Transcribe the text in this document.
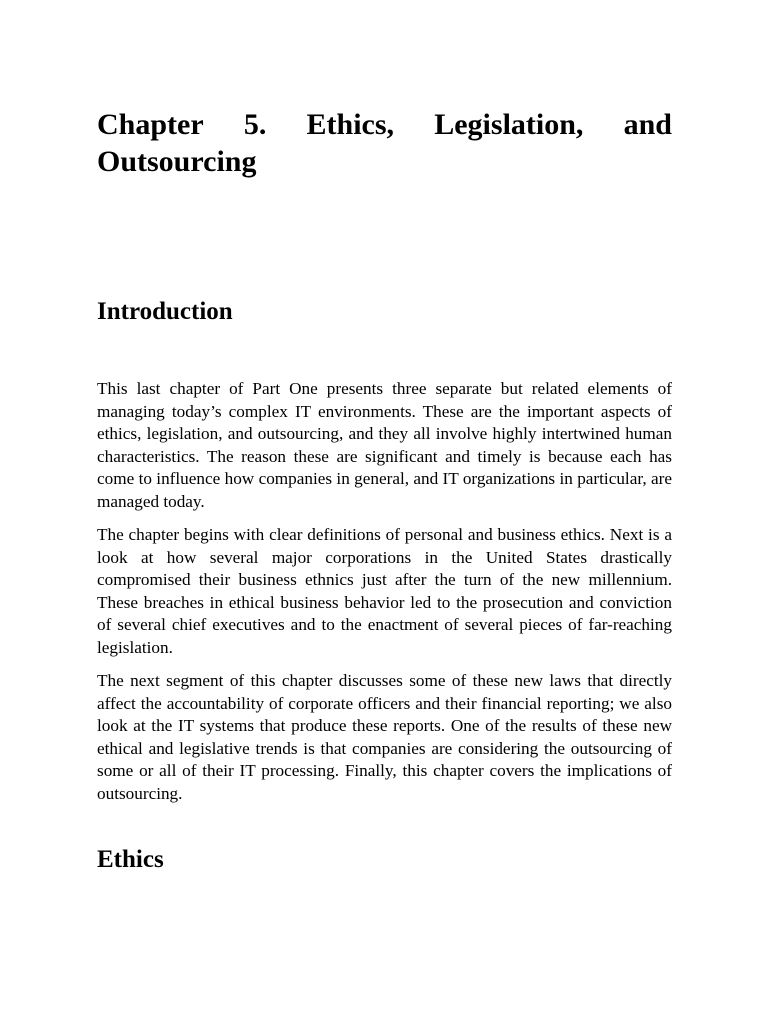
Chapter 5. Ethics, Legislation, and
Outsourcing
Introduction

This last chapter of Part One presents three separate but related elements of managing today’s complex IT environments. These are the important aspects of ethics, legislation, and outsourcing, and they all involve highly intertwined human characteristics. The reason these are significant and timely is because each has come to influence how companies in general, and IT organizations in particular, are managed today.

The chapter begins with clear definitions of personal and business ethics. Next is a look at how several major corporations in the United States drastically compromised their business ethnics just after the turn of the new millennium. These breaches in ethical business behavior led to the prosecution and conviction of several chief executives and to the enactment of several pieces of far-reaching legislation.

The next segment of this chapter discusses some of these new laws that directly affect the accountability of corporate officers and their financial reporting; we also look at the IT systems that produce these reports. One of the results of these new ethical and legislative trends is that companies are considering the outsourcing of some or all of their IT processing. Finally, this chapter covers the implications of outsourcing.

Ethics
